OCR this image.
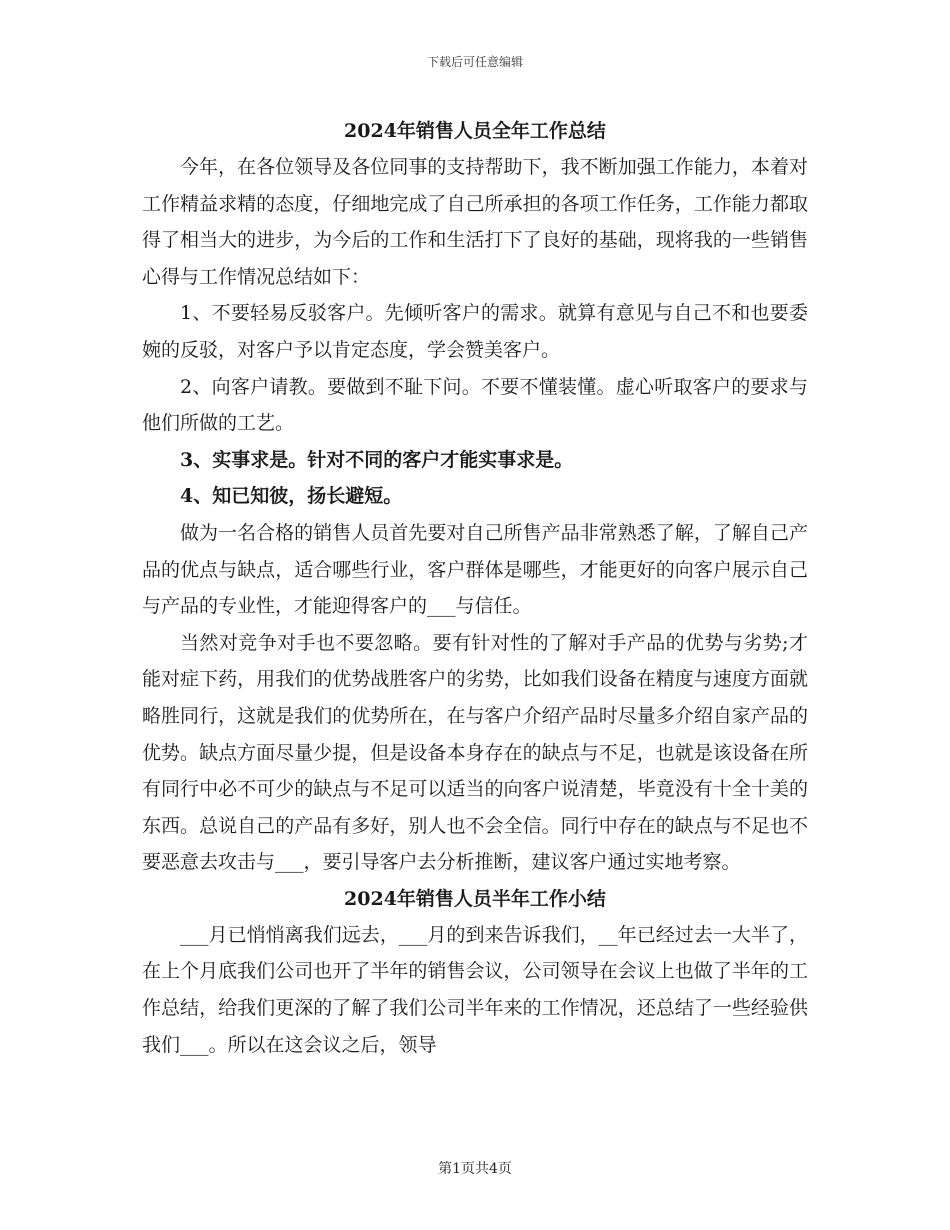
下载后可任意编辑

2024年销售人员全年工作总结

今年，在各位领导及各位同事的支持帮助下，我不断加强工作能力，本着对工作精益求精的态度，仔细地完成了自己所承担的各项工作任务，工作能力都取得了相当大的进步，为今后的工作和生活打下了良好的基础，现将我的一些销售心得与工作情况总结如下：

1、不要轻易反驳客户。先倾听客户的需求。就算有意见与自己不和也要委婉的反驳，对客户予以肯定态度，学会赞美客户。

2、向客户请教。要做到不耻下问。不要不懂装懂。虚心听取客户的要求与他们所做的工艺。

3、实事求是。针对不同的客户才能实事求是。

4、知已知彼，扬长避短。

做为一名合格的销售人员首先要对自己所售产品非常熟悉了解，了解自己产品的优点与缺点，适合哪些行业，客户群体是哪些，才能更好的向客户展示自己与产品的专业性，才能迎得客户的___与信任。

当然对竞争对手也不要忽略。要有针对性的了解对手产品的优势与劣势;才能对症下药，用我们的优势战胜客户的劣势，比如我们设备在精度与速度方面就略胜同行，这就是我们的优势所在，在与客户介绍产品时尽量多介绍自家产品的优势。缺点方面尽量少提，但是设备本身存在的缺点与不足，也就是该设备在所有同行中必不可少的缺点与不足可以适当的向客户说清楚，毕竟没有十全十美的东西。总说自己的产品有多好，别人也不会全信。同行中存在的缺点与不足也不要恶意去攻击与___，要引导客户去分析推断，建议客户通过实地考察。

2024年销售人员半年工作小结

___月已悄悄离我们远去，___月的到来告诉我们，__年已经过去一大半了，在上个月底我们公司也开了半年的销售会议，公司领导在会议上也做了半年的工作总结，给我们更深的了解了我们公司半年来的工作情况，还总结了一些经验供我们___。所以在这会议之后，领导

第1页共4页
